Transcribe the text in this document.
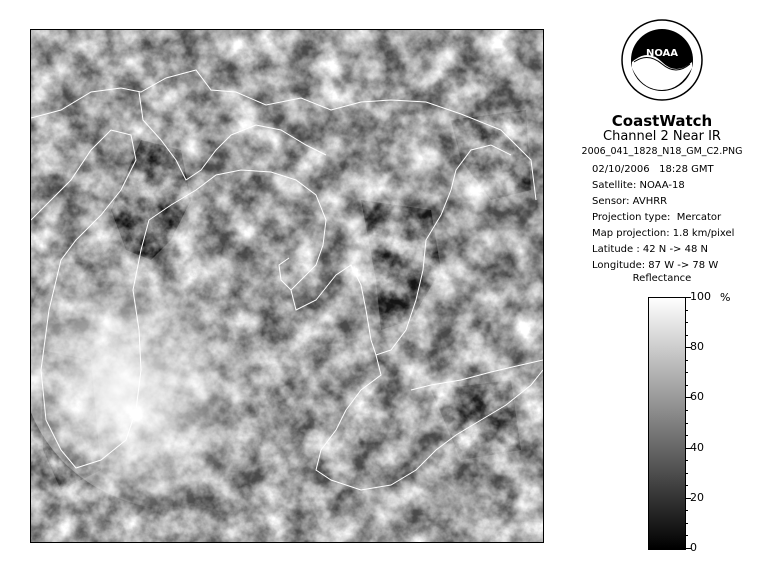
NOAA
CoastWatch
Channel 2 Near IR
2006_041_1828_N18_GM_C2.PNG
02/10/2006   18:28 GMT
Satellite: NOAA-18
Sensor: AVHRR
Projection type:  Mercator
Map projection: 1.8 km/pixel
Latitude : 42 N -> 48 N
Longitude: 87 W -> 78 W
Reflectance
%
100
80
60
40
20
0
